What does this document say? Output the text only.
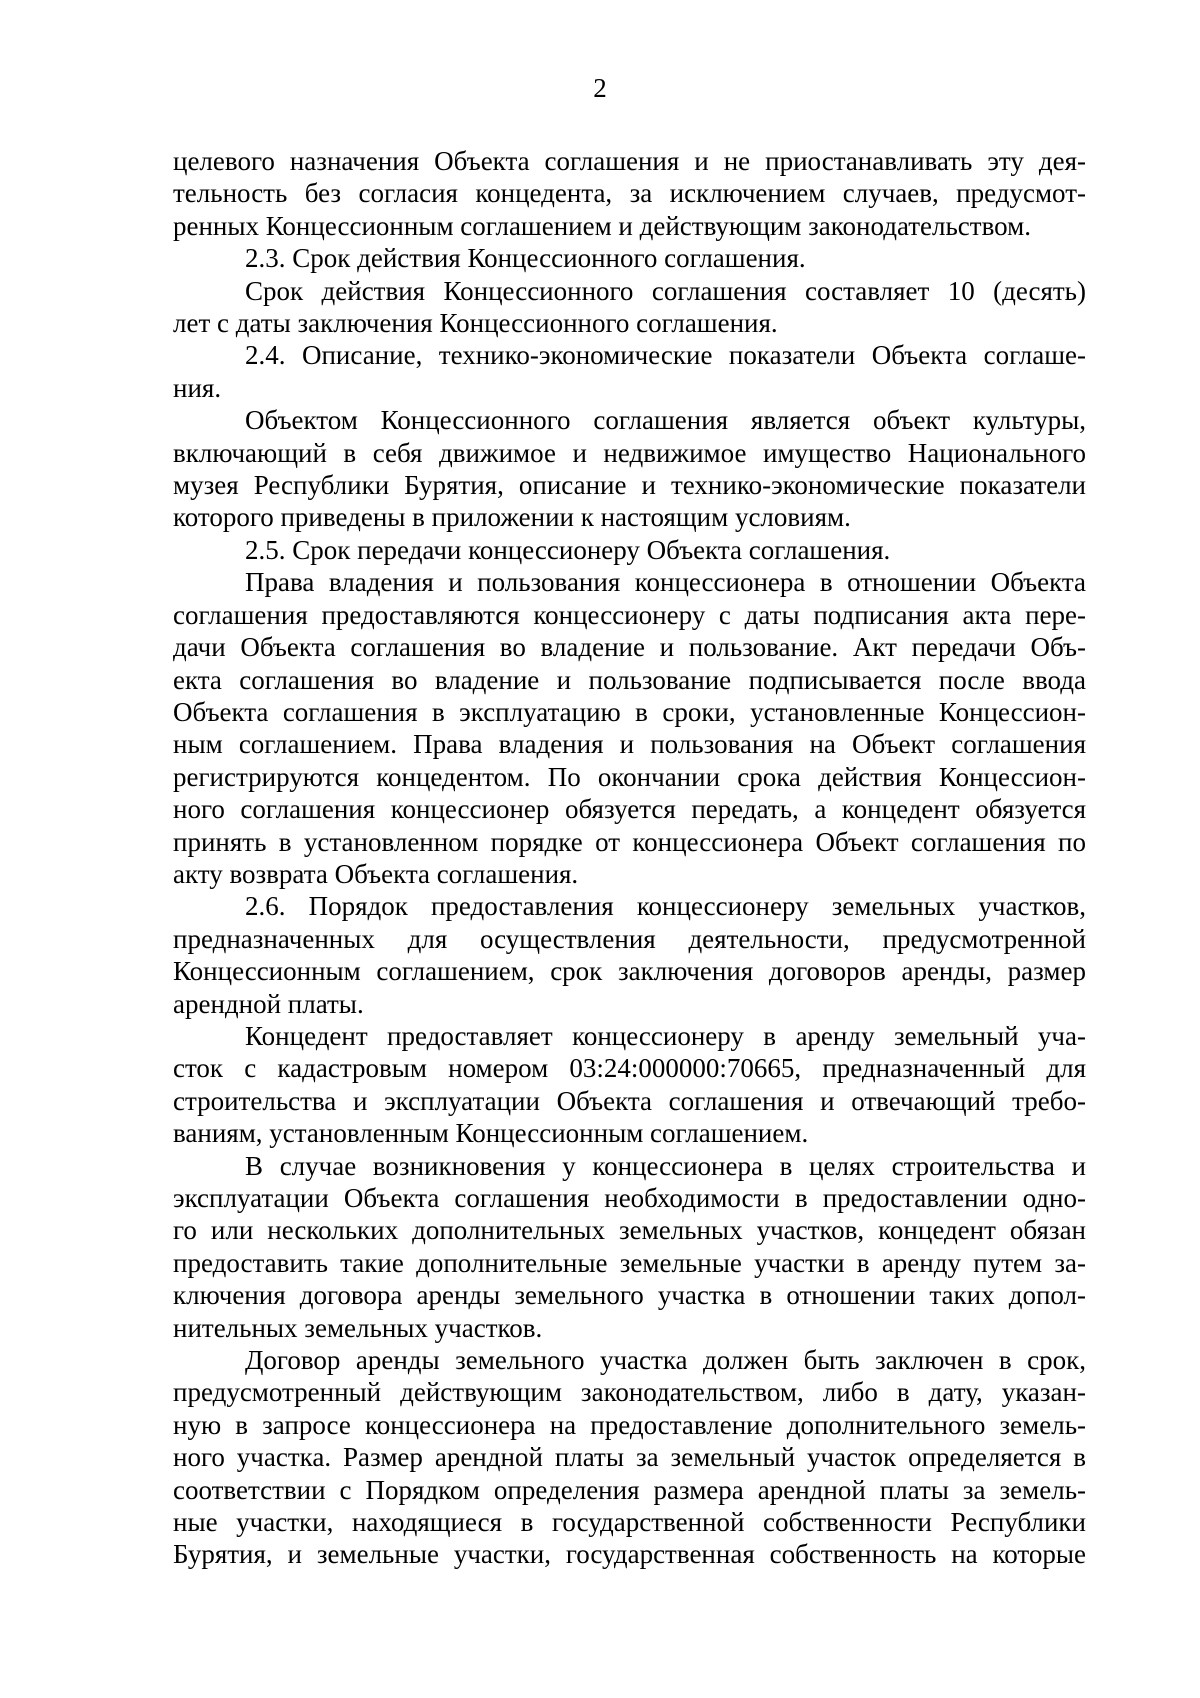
2
целевого назначения Объекта соглашения и не приостанавливать эту дея-
тельность без согласия концедента, за исключением случаев, предусмот-
ренных Концессионным соглашением и действующим законодательством.
2.3. Срок действия Концессионного соглашения.
Срок действия Концессионного соглашения составляет 10 (десять)
лет с даты заключения Концессионного соглашения.
2.4. Описание, технико-экономические показатели Объекта соглаше-
ния.
Объектом Концессионного соглашения является объект культуры,
включающий в себя движимое и недвижимое имущество Национального
музея Республики Бурятия, описание и технико-экономические показатели
которого приведены в приложении к настоящим условиям.
2.5. Срок передачи концессионеру Объекта соглашения.
Права владения и пользования концессионера в отношении Объекта
соглашения предоставляются концессионеру с даты подписания акта пере-
дачи Объекта соглашения во владение и пользование. Акт передачи Объ-
екта соглашения во владение и пользование подписывается после ввода
Объекта соглашения в эксплуатацию в сроки, установленные Концессион-
ным соглашением. Права владения и пользования на Объект соглашения
регистрируются концедентом. По окончании срока действия Концессион-
ного соглашения концессионер обязуется передать, а концедент обязуется
принять в установленном порядке от концессионера Объект соглашения по
акту возврата Объекта соглашения.
2.6. Порядок предоставления концессионеру земельных участков,
предназначенных для осуществления деятельности, предусмотренной
Концессионным соглашением, срок заключения договоров аренды, размер
арендной платы.
Концедент предоставляет концессионеру в аренду земельный уча-
сток с кадастровым номером 03:24:000000:70665, предназначенный для
строительства и эксплуатации Объекта соглашения и отвечающий требо-
ваниям, установленным Концессионным соглашением.
В случае возникновения у концессионера в целях строительства и
эксплуатации Объекта соглашения необходимости в предоставлении одно-
го или нескольких дополнительных земельных участков, концедент обязан
предоставить такие дополнительные земельные участки в аренду путем за-
ключения договора аренды земельного участка в отношении таких допол-
нительных земельных участков.
Договор аренды земельного участка должен быть заключен в срок,
предусмотренный действующим законодательством, либо в дату, указан-
ную в запросе концессионера на предоставление дополнительного земель-
ного участка. Размер арендной платы за земельный участок определяется в
соответствии с Порядком определения размера арендной платы за земель-
ные участки, находящиеся в государственной собственности Республики
Бурятия, и земельные участки, государственная собственность на которые
